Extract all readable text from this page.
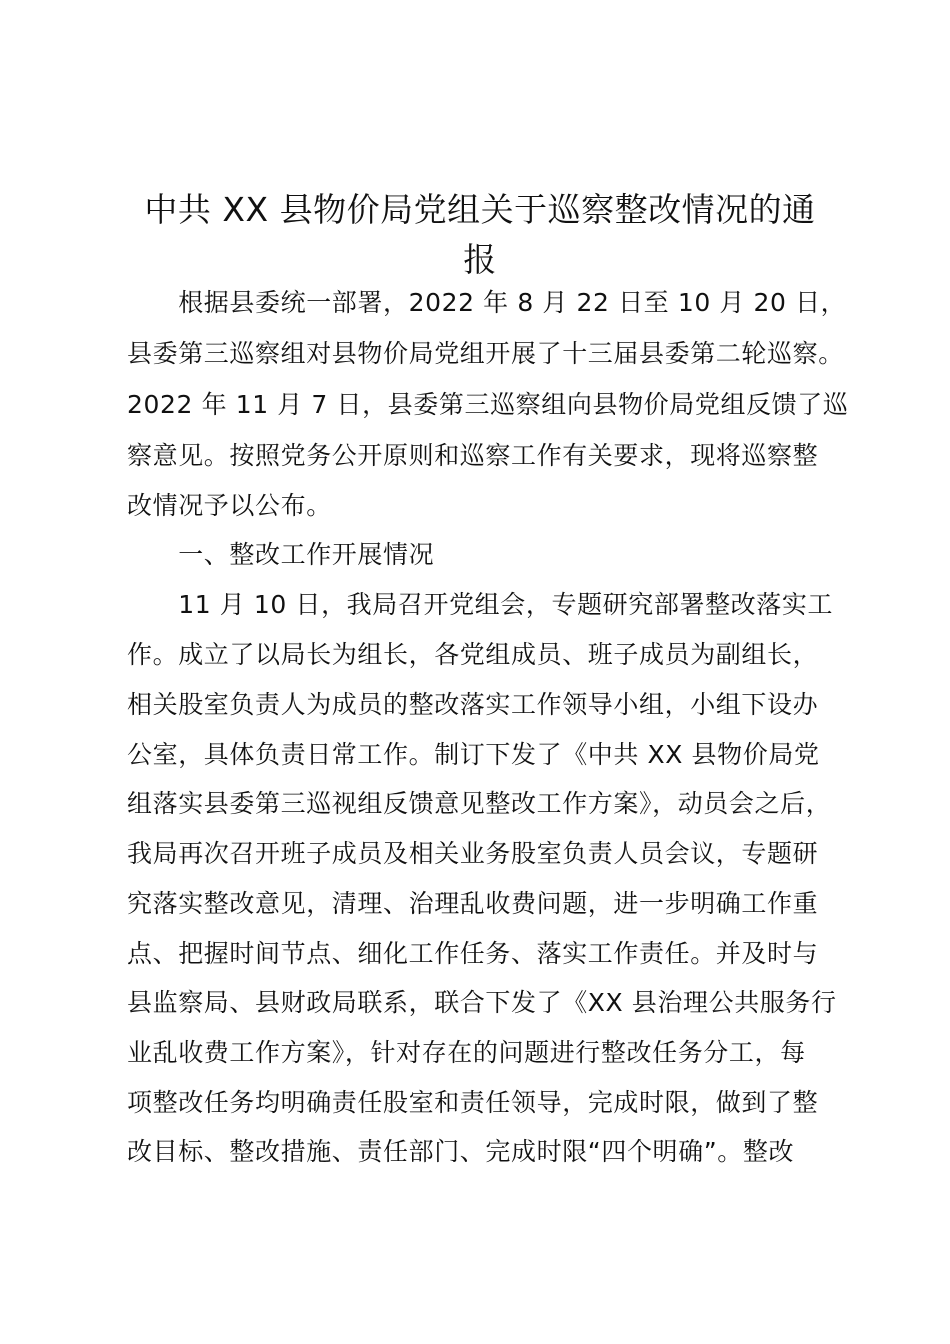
中共 XX 县物价局党组关于巡察整改情况的通
报
　　根据县委统一部署，2022 年 8 月 22 日至 10 月 20 日，
县委第三巡察组对县物价局党组开展了十三届县委第二轮巡察。
2022 年 11 月 7 日，县委第三巡察组向县物价局党组反馈了巡
察意见。按照党务公开原则和巡察工作有关要求，现将巡察整
改情况予以公布。
　　一、整改工作开展情况
　　11 月 10 日，我局召开党组会，专题研究部署整改落实工
作。成立了以局长为组长，各党组成员、班子成员为副组长，
相关股室负责人为成员的整改落实工作领导小组，小组下设办
公室，具体负责日常工作。制订下发了《中共 XX 县物价局党
组落实县委第三巡视组反馈意见整改工作方案》，动员会之后，
我局再次召开班子成员及相关业务股室负责人员会议，专题研
究落实整改意见，清理、治理乱收费问题，进一步明确工作重
点、把握时间节点、细化工作任务、落实工作责任。并及时与
县监察局、县财政局联系，联合下发了《XX 县治理公共服务行
业乱收费工作方案》，针对存在的问题进行整改任务分工，每
项整改任务均明确责任股室和责任领导，完成时限，做到了整
改目标、整改措施、责任部门、完成时限“四个明确”。整改
